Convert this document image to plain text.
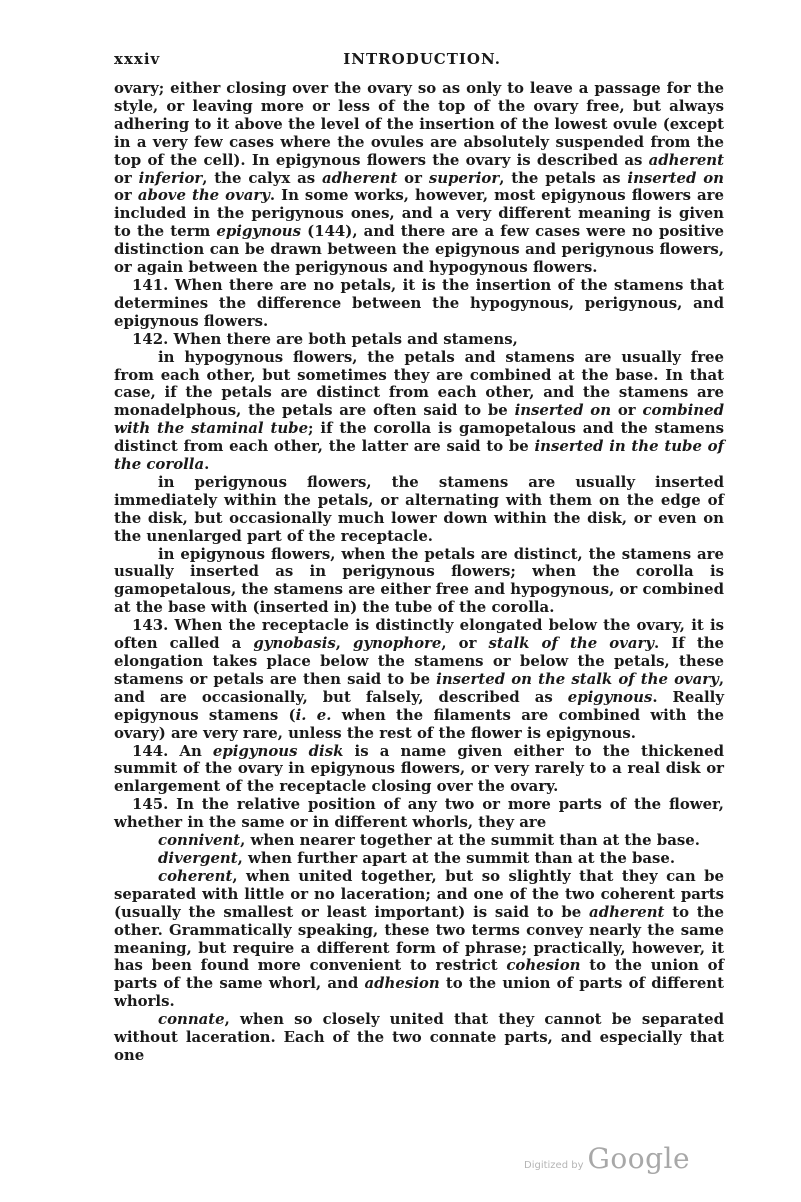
xxxiv	INTRODUCTION.

ovary; either closing over the ovary so as only to leave a passage for the style, or leaving more or less of the top of the ovary free, but always adhering to it above the level of the insertion of the lowest ovule (except in a very few cases where the ovules are absolutely suspended from the top of the cell). In epigynous flowers the ovary is described as adherent or inferior, the calyx as adherent or superior, the petals as inserted on or above the ovary. In some works, however, most epigynous flowers are included in the perigynous ones, and a very different meaning is given to the term epigynous (144), and there are a few cases were no positive distinction can be drawn between the epigynous and perigynous flowers, or again between the perigynous and hypogynous flowers.

141. When there are no petals, it is the insertion of the stamens that determines the difference between the hypogynous, perigynous, and epigynous flowers.

142. When there are both petals and stamens,

in hypogynous flowers, the petals and stamens are usually free from each other, but sometimes they are combined at the base. In that case, if the petals are distinct from each other, and the stamens are monadelphous, the petals are often said to be inserted on or combined with the staminal tube; if the corolla is gamopetalous and the stamens distinct from each other, the latter are said to be inserted in the tube of the corolla.

in perigynous flowers, the stamens are usually inserted immediately within the petals, or alternating with them on the edge of the disk, but occasionally much lower down within the disk, or even on the unenlarged part of the receptacle.

in epigynous flowers, when the petals are distinct, the stamens are usually inserted as in perigynous flowers; when the corolla is gamopetalous, the stamens are either free and hypogynous, or combined at the base with (inserted in) the tube of the corolla.

143. When the receptacle is distinctly elongated below the ovary, it is often called a gynobasis, gynophore, or stalk of the ovary. If the elongation takes place below the stamens or below the petals, these stamens or petals are then said to be inserted on the stalk of the ovary, and are occasionally, but falsely, described as epigynous. Really epigynous stamens (i. e. when the filaments are combined with the ovary) are very rare, unless the rest of the flower is epigynous.

144. An epigynous disk is a name given either to the thickened summit of the ovary in epigynous flowers, or very rarely to a real disk or enlargement of the receptacle closing over the ovary.

145. In the relative position of any two or more parts of the flower, whether in the same or in different whorls, they are

connivent, when nearer together at the summit than at the base.

divergent, when further apart at the summit than at the base.

coherent, when united together, but so slightly that they can be separated with little or no laceration; and one of the two coherent parts (usually the smallest or least important) is said to be adherent to the other. Grammatically speaking, these two terms convey nearly the same meaning, but require a different form of phrase; practically, however, it has been found more convenient to restrict cohesion to the union of parts of the same whorl, and adhesion to the union of parts of different whorls.

connate, when so closely united that they cannot be separated without laceration. Each of the two connate parts, and especially that one

Digitized by Google
